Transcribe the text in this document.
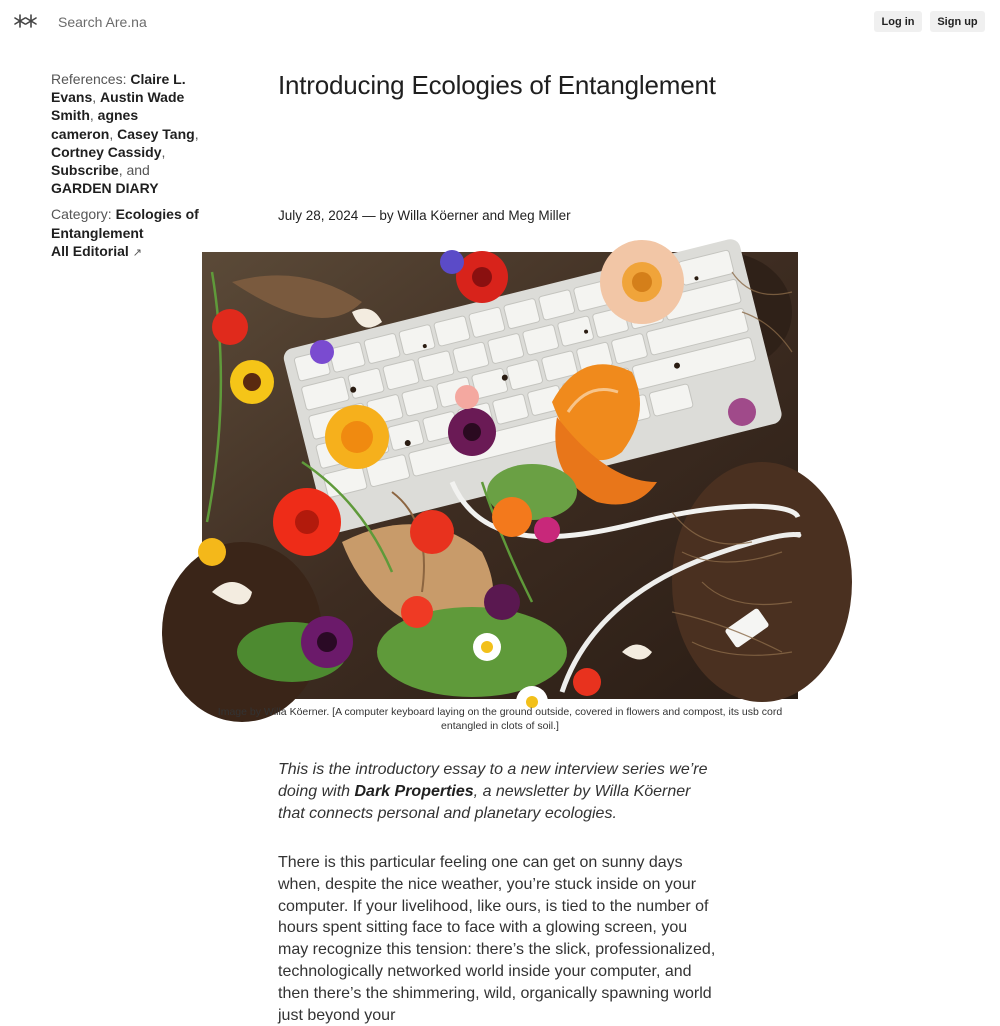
Search Are.na
Log in	Sign up
References: Claire L. Evans, Austin Wade Smith, agnes cameron, Casey Tang, Cortney Cassidy, Subscribe, and GARDEN DIARY
Category: Ecologies of Entanglement
All Editorial ↗
Introducing Ecologies of Entanglement
July 28, 2024 — by Willa Köerner and Meg Miller
Image by Willa Köerner. [A computer keyboard laying on the ground outside, covered in flowers and compost, its usb cord entangled in clots of soil.]

This is the introductory essay to a new interview series we’re doing with Dark Properties, a newsletter by Willa Köerner that connects personal and planetary ecologies.

There is this particular feeling one can get on sunny days when, despite the nice weather, you’re stuck inside on your computer. If your livelihood, like ours, is tied to the number of hours spent sitting face to face with a glowing screen, you may recognize this tension: there’s the slick, professionalized, technologically networked world inside your computer, and then there’s the shimmering, wild, organically spawning world just beyond your
